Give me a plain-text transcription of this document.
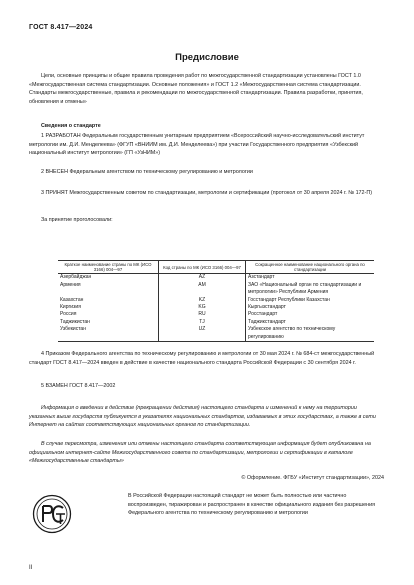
ГОСТ 8.417—2024
Предисловие

Цели, основные принципы и общие правила проведения работ по межгосударственной стандартизации установлены ГОСТ 1.0 «Межгосударственная система стандартизации. Основные положения» и ГОСТ 1.2 «Межгосударственная система стандартизации. Стандарты межгосударственные, правила и рекомендации по межгосударственной стандартизации. Правила разработки, принятия, обновления и отмены»

Сведения о стандарте

1 РАЗРАБОТАН Федеральным государственным унитарным предприятием «Всероссийский научно-исследовательский институт метрологии им. Д.И. Менделеева» (ФГУП «ВНИИМ им. Д.И. Менделеева») при участии Государственного предприятия «Узбекский национальный институт метрологии» (ГП «УзНИМ»)

2 ВНЕСЕН Федеральным агентством по техническому регулированию и метрологии

3 ПРИНЯТ Межгосударственным советом по стандартизации, метрологии и сертификации (протокол от 30 апреля 2024 г. № 172-П)

За принятие проголосовали:

Краткое наименование страны по МК (ИСО 3166) 004—97	Код страны по МК (ИСО 3166) 004—97	Сокращенное наименование национального органа по стандартизации
Азербайджан	AZ	Азстандарт
Армения	AM	ЗАО «Национальный орган по стандартизации и метрологии» Республики Армения
Казахстан	KZ	Госстандарт Республики Казахстан
Киргизия	KG	Кыргызстандарт
Россия	RU	Росстандарт
Таджикистан	TJ	Таджикстандарт
Узбекистан	UZ	Узбекское агентство по техническому регулированию

4 Приказом Федерального агентства по техническому регулированию и метрологии от 30 мая 2024 г. № 684-ст межгосударственный стандарт ГОСТ 8.417—2024 введен в действие в качестве национального стандарта Российской Федерации с 30 сентября 2024 г.

5 ВЗАМЕН ГОСТ 8.417—2002

Информация о введении в действие (прекращении действия) настоящего стандарта и изменений к нему на территории указанных выше государств публикуется в указателях национальных стандартов, издаваемых в этих государствах, а также в сети Интернет на сайтах соответствующих национальных органов по стандартизации.

В случае пересмотра, изменения или отмены настоящего стандарта соответствующая информация будет опубликована на официальном интернет-сайте Межгосударственного совета по стандартизации, метрологии и сертификации в каталоге «Межгосударственные стандарты»

© Оформление. ФГБУ «Институт стандартизации», 2024

В Российской Федерации настоящий стандарт не может быть полностью или частично воспроизведен, тиражирован и распространен в качестве официального издания без разрешения Федерального агентства по техническому регулированию и метрологии

II
